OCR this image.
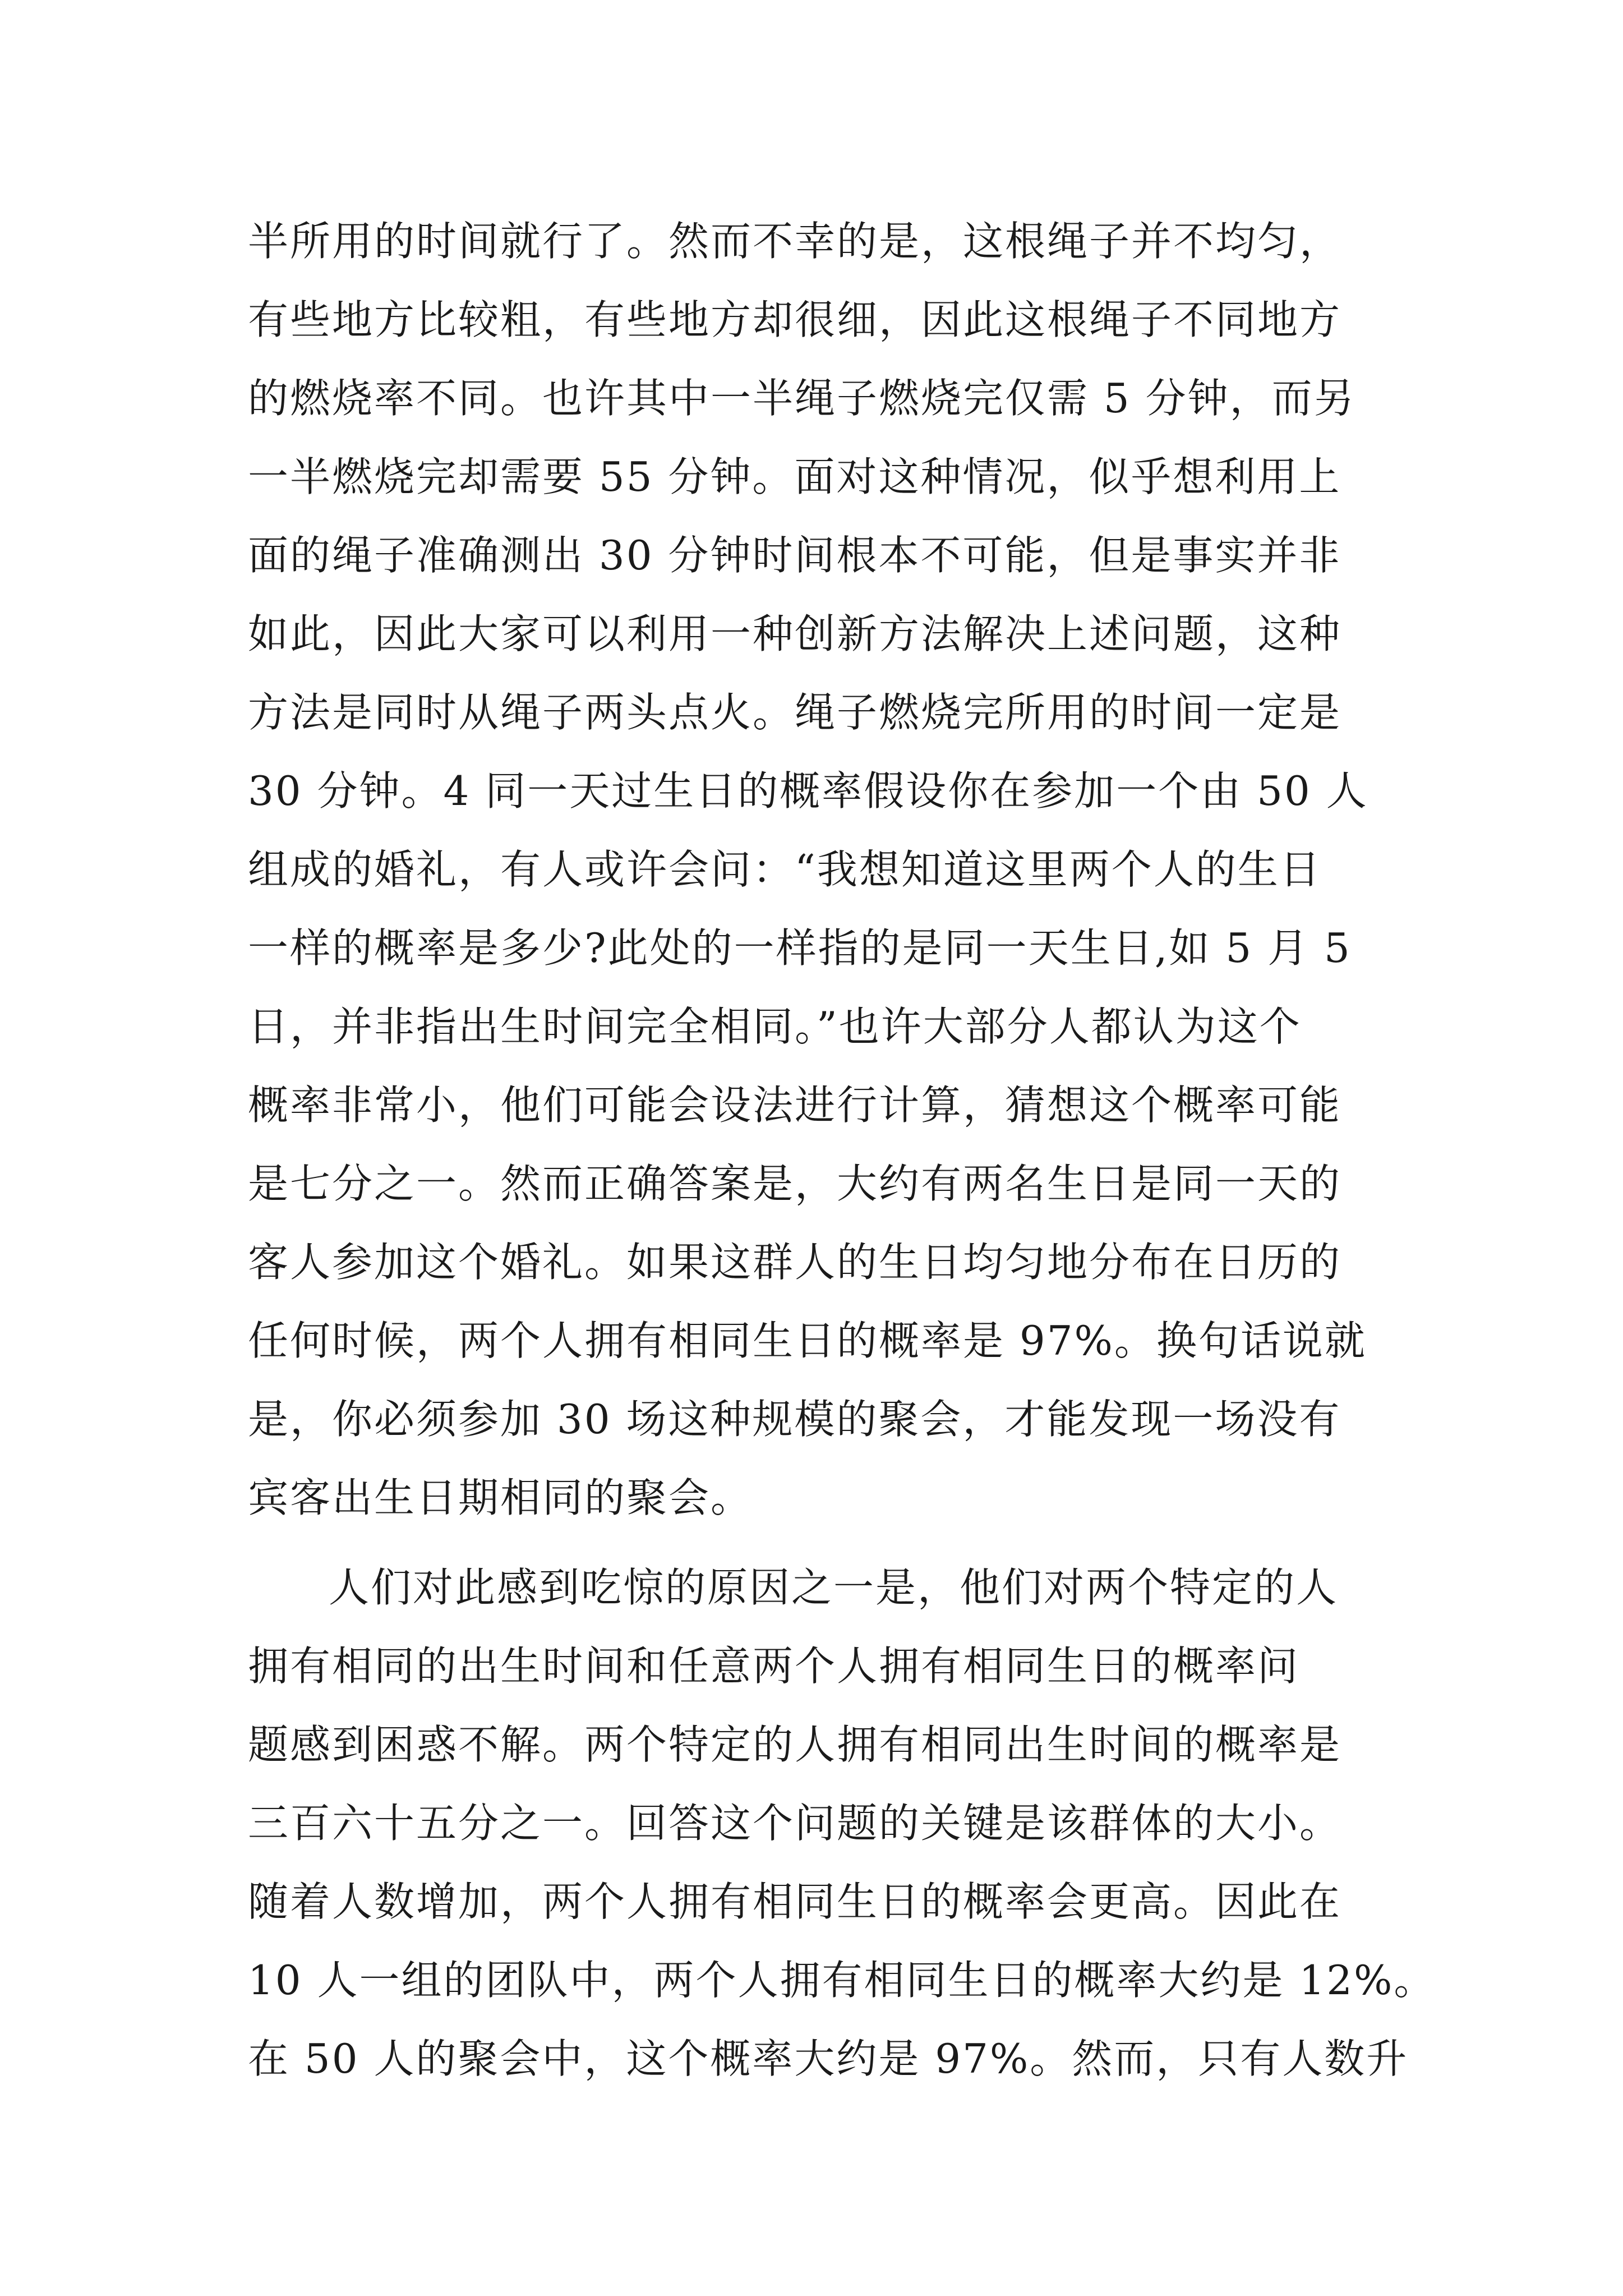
半所用的时间就行了。然而不幸的是，这根绳子并不均匀，

有些地方比较粗，有些地方却很细，因此这根绳子不同地方

的燃烧率不同。也许其中一半绳子燃烧完仅需 5 分钟，而另

一半燃烧完却需要 55 分钟。面对这种情况，似乎想利用上

面的绳子准确测出 30 分钟时间根本不可能，但是事实并非

如此，因此大家可以利用一种创新方法解决上述问题，这种

方法是同时从绳子两头点火。绳子燃烧完所用的时间一定是

30 分钟。4 同一天过生日的概率假设你在参加一个由 50 人

组成的婚礼，有人或许会问：“我想知道这里两个人的生日

一样的概率是多少?此处的一样指的是同一天生日,如 5 月 5

日，并非指出生时间完全相同。”也许大部分人都认为这个

概率非常小，他们可能会设法进行计算，猜想这个概率可能

是七分之一。然而正确答案是，大约有两名生日是同一天的

客人参加这个婚礼。如果这群人的生日均匀地分布在日历的

任何时候，两个人拥有相同生日的概率是 97%。换句话说就

是，你必须参加 30 场这种规模的聚会，才能发现一场没有

宾客出生日期相同的聚会。

人们对此感到吃惊的原因之一是，他们对两个特定的人

拥有相同的出生时间和任意两个人拥有相同生日的概率问

题感到困惑不解。两个特定的人拥有相同出生时间的概率是

三百六十五分之一。回答这个问题的关键是该群体的大小。

随着人数增加，两个人拥有相同生日的概率会更高。因此在

10 人一组的团队中，两个人拥有相同生日的概率大约是 12%。

在 50 人的聚会中，这个概率大约是 97%。然而，只有人数升
